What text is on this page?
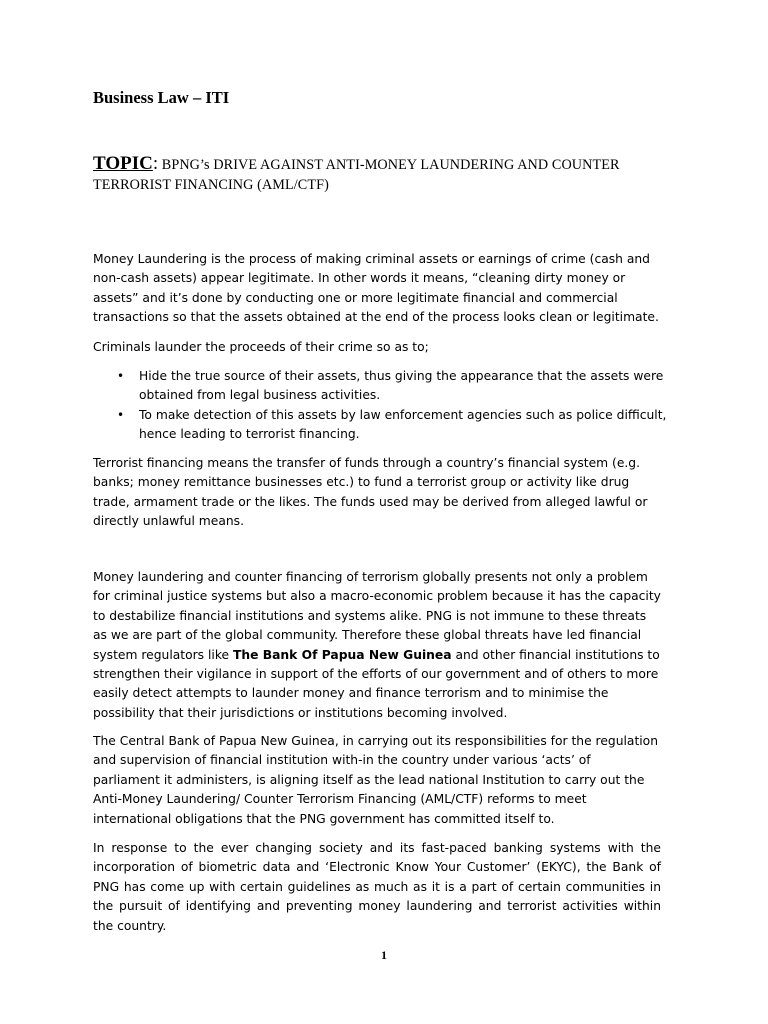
Business Law – ITI

TOPIC: BPNG’s DRIVE AGAINST ANTI-MONEY LAUNDERING AND COUNTER TERRORIST FINANCING (AML/CTF)

Money Laundering is the process of making criminal assets or earnings of crime (cash and non-cash assets) appear legitimate. In other words it means, “cleaning dirty money or assets” and it’s done by conducting one or more legitimate financial and commercial transactions so that the assets obtained at the end of the process looks clean or legitimate.

Criminals launder the proceeds of their crime so as to;

• Hide the true source of their assets, thus giving the appearance that the assets were obtained from legal business activities.
• To make detection of this assets by law enforcement agencies such as police difficult, hence leading to terrorist financing.

Terrorist financing means the transfer of funds through a country’s financial system (e.g. banks; money remittance businesses etc.) to fund a terrorist group or activity like drug trade, armament trade or the likes. The funds used may be derived from alleged lawful or directly unlawful means.

Money laundering and counter financing of terrorism globally presents not only a problem for criminal justice systems but also a macro-economic problem because it has the capacity to destabilize financial institutions and systems alike. PNG is not immune to these threats as we are part of the global community. Therefore these global threats have led financial system regulators like The Bank Of Papua New Guinea and other financial institutions to strengthen their vigilance in support of the efforts of our government and of others to more easily detect attempts to launder money and finance terrorism and to minimise the possibility that their jurisdictions or institutions becoming involved.

The Central Bank of Papua New Guinea, in carrying out its responsibilities for the regulation and supervision of financial institution with-in the country under various ‘acts’ of parliament it administers, is aligning itself as the lead national Institution to carry out the Anti-Money Laundering/ Counter Terrorism Financing (AML/CTF) reforms to meet international obligations that the PNG government has committed itself to.

In response to the ever changing society and its fast-paced banking systems with the incorporation of biometric data and ‘Electronic Know Your Customer’ (EKYC), the Bank of PNG has come up with certain guidelines as much as it is a part of certain communities in the pursuit of identifying and preventing money laundering and terrorist activities within the country.

1
